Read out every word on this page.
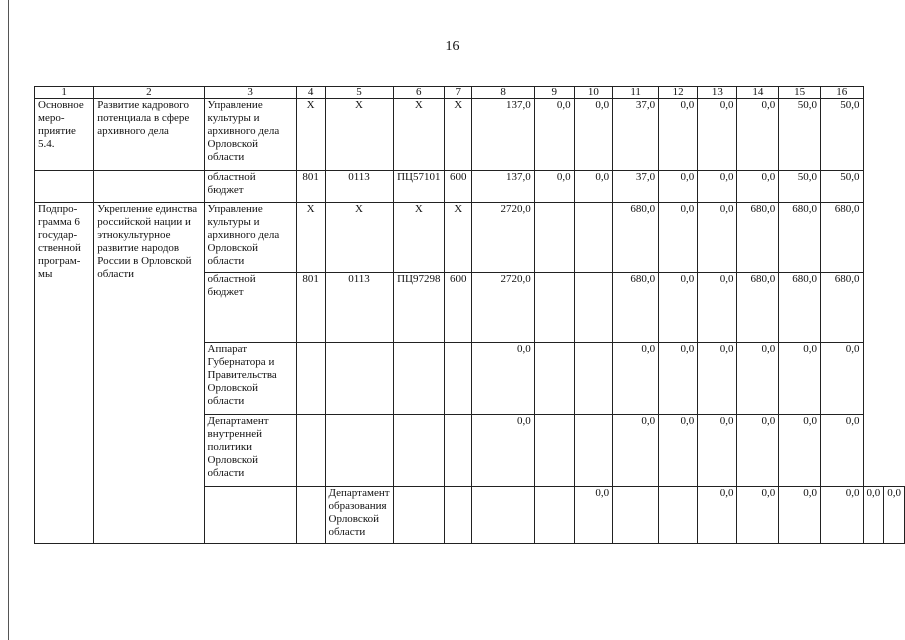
16
1	2	3	4	5	6	7	8	9	10	11	12	13	14	15	16		
Основное меро-приятие 5.4.	Развитие кадрового потенциала в сфере архивного дела	Управление культуры и архивного дела Орловской области	X	X	X	X	137,0	0,0	0,0	37,0	0,0	0,0	0,0	50,0	50,0		
		областной бюджет	801	0113	ПЦ57101	600	137,0	0,0	0,0	37,0	0,0	0,0	0,0	50,0	50,0		
Подпро-грамма 6 государ-ственной програм-мы	Укрепление единства российской нации и этнокультурное развитие народов России в Орловской области	Управление культуры и архивного дела Орловской области	X	X	X	X	2720,0			680,0	0,0	0,0	680,0	680,0	680,0		
		областной бюджет	801	0113	ПЦ97298	600	2720,0			680,0	0,0	0,0	680,0	680,0	680,0		
		Аппарат Губернатора и Правительства Орловской области					0,0			0,0	0,0	0,0	0,0	0,0	0,0		
		Департамент внутренней политики Орловской области					0,0			0,0	0,0	0,0	0,0	0,0	0,0		
				Департамент образования Орловской области					0,0			0,0	0,0	0,0	0,0	0,0	0,0
